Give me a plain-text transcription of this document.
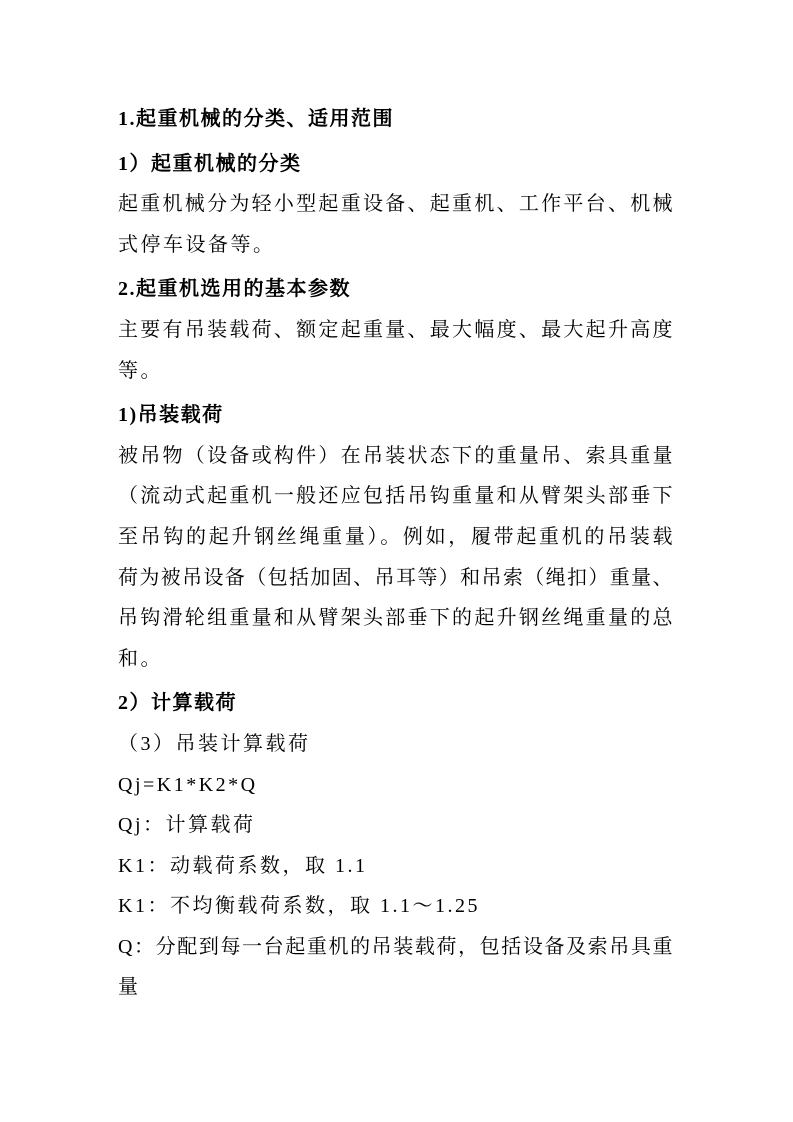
1.起重机械的分类、适用范围
1）起重机械的分类
起重机械分为轻小型起重设备、起重机、工作平台、机械
式停车设备等。
2.起重机选用的基本参数
主要有吊装载荷、额定起重量、最大幅度、最大起升高度
等。
1)吊装载荷
被吊物（设备或构件）在吊装状态下的重量吊、索具重量
（流动式起重机一般还应包括吊钩重量和从臂架头部垂下
至吊钩的起升钢丝绳重量）。例如，履带起重机的吊装载
荷为被吊设备（包括加固、吊耳等）和吊索（绳扣）重量、
吊钩滑轮组重量和从臂架头部垂下的起升钢丝绳重量的总
和。
2）计算载荷
（3）吊装计算载荷
Qj=K1*K2*Q
Qj：计算载荷
K1：动载荷系数，取 1.1
K1：不均衡载荷系数，取 1.1～1.25
Q：分配到每一台起重机的吊装载荷，包括设备及索吊具重
量
